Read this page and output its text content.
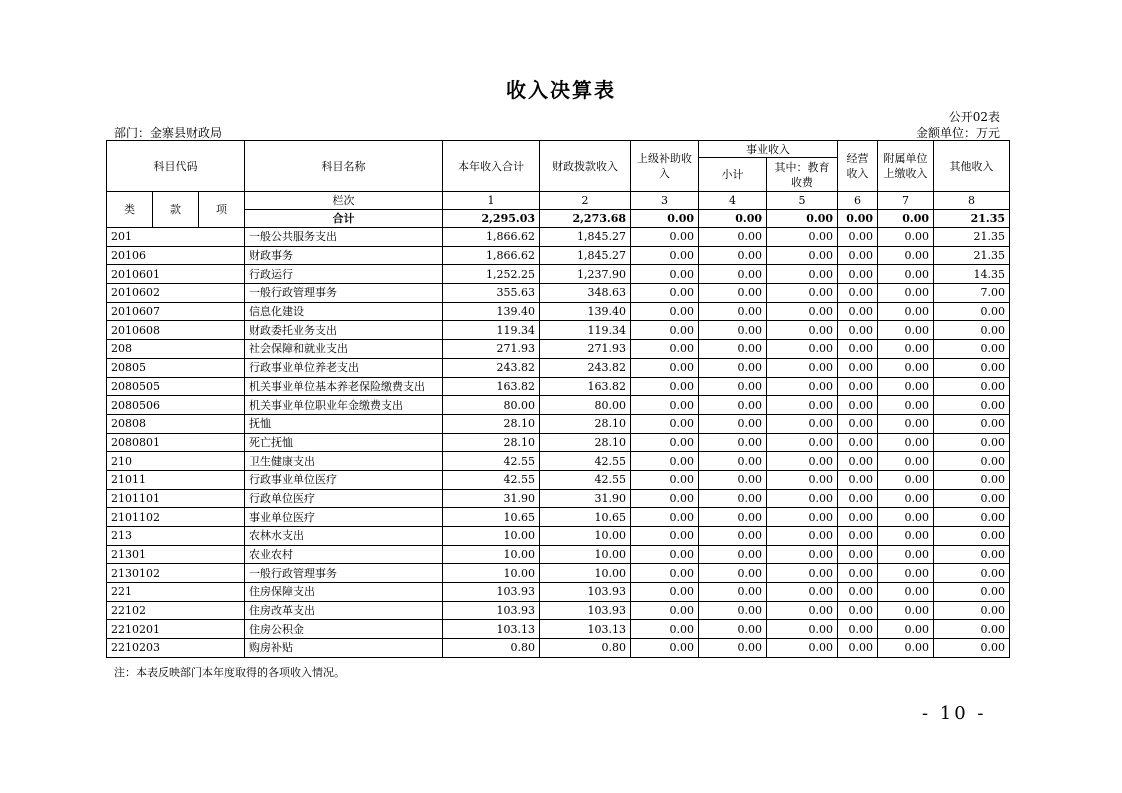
收入决算表
公开02表
部门：金寨县财政局	金额单位：万元
科目代码			科目名称	本年收入合计	财政拨款收入	上级补助收入	事业收入		经营收入	附属单位上缴收入	其他收入
							小计	其中：教育收费			

类	款	项	栏次	1	2	3	4	5	6	7	8
			合计	2,295.03	2,273.68	0.00	0.00	0.00	0.00	0.00	21.35
201			一般公共服务支出	1,866.62	1,845.27	0.00	0.00	0.00	0.00	0.00	21.35
20106			财政事务	1,866.62	1,845.27	0.00	0.00	0.00	0.00	0.00	21.35
2010601			行政运行	1,252.25	1,237.90	0.00	0.00	0.00	0.00	0.00	14.35
2010602			一般行政管理事务	355.63	348.63	0.00	0.00	0.00	0.00	0.00	7.00
2010607			信息化建设	139.40	139.40	0.00	0.00	0.00	0.00	0.00	0.00
2010608			财政委托业务支出	119.34	119.34	0.00	0.00	0.00	0.00	0.00	0.00
208			社会保障和就业支出	271.93	271.93	0.00	0.00	0.00	0.00	0.00	0.00
20805			行政事业单位养老支出	243.82	243.82	0.00	0.00	0.00	0.00	0.00	0.00
2080505			机关事业单位基本养老保险缴费支出	163.82	163.82	0.00	0.00	0.00	0.00	0.00	0.00
2080506			机关事业单位职业年金缴费支出	80.00	80.00	0.00	0.00	0.00	0.00	0.00	0.00
20808			抚恤	28.10	28.10	0.00	0.00	0.00	0.00	0.00	0.00
2080801			死亡抚恤	28.10	28.10	0.00	0.00	0.00	0.00	0.00	0.00
210			卫生健康支出	42.55	42.55	0.00	0.00	0.00	0.00	0.00	0.00
21011			行政事业单位医疗	42.55	42.55	0.00	0.00	0.00	0.00	0.00	0.00
2101101			行政单位医疗	31.90	31.90	0.00	0.00	0.00	0.00	0.00	0.00
2101102			事业单位医疗	10.65	10.65	0.00	0.00	0.00	0.00	0.00	0.00
213			农林水支出	10.00	10.00	0.00	0.00	0.00	0.00	0.00	0.00
21301			农业农村	10.00	10.00	0.00	0.00	0.00	0.00	0.00	0.00
2130102			一般行政管理事务	10.00	10.00	0.00	0.00	0.00	0.00	0.00	0.00
221			住房保障支出	103.93	103.93	0.00	0.00	0.00	0.00	0.00	0.00
22102			住房改革支出	103.93	103.93	0.00	0.00	0.00	0.00	0.00	0.00
2210201			住房公积金	103.13	103.13	0.00	0.00	0.00	0.00	0.00	0.00
2210203			购房补贴	0.80	0.80	0.00	0.00	0.00	0.00	0.00	0.00
注：本表反映部门本年度取得的各项收入情况。
- 10 -
